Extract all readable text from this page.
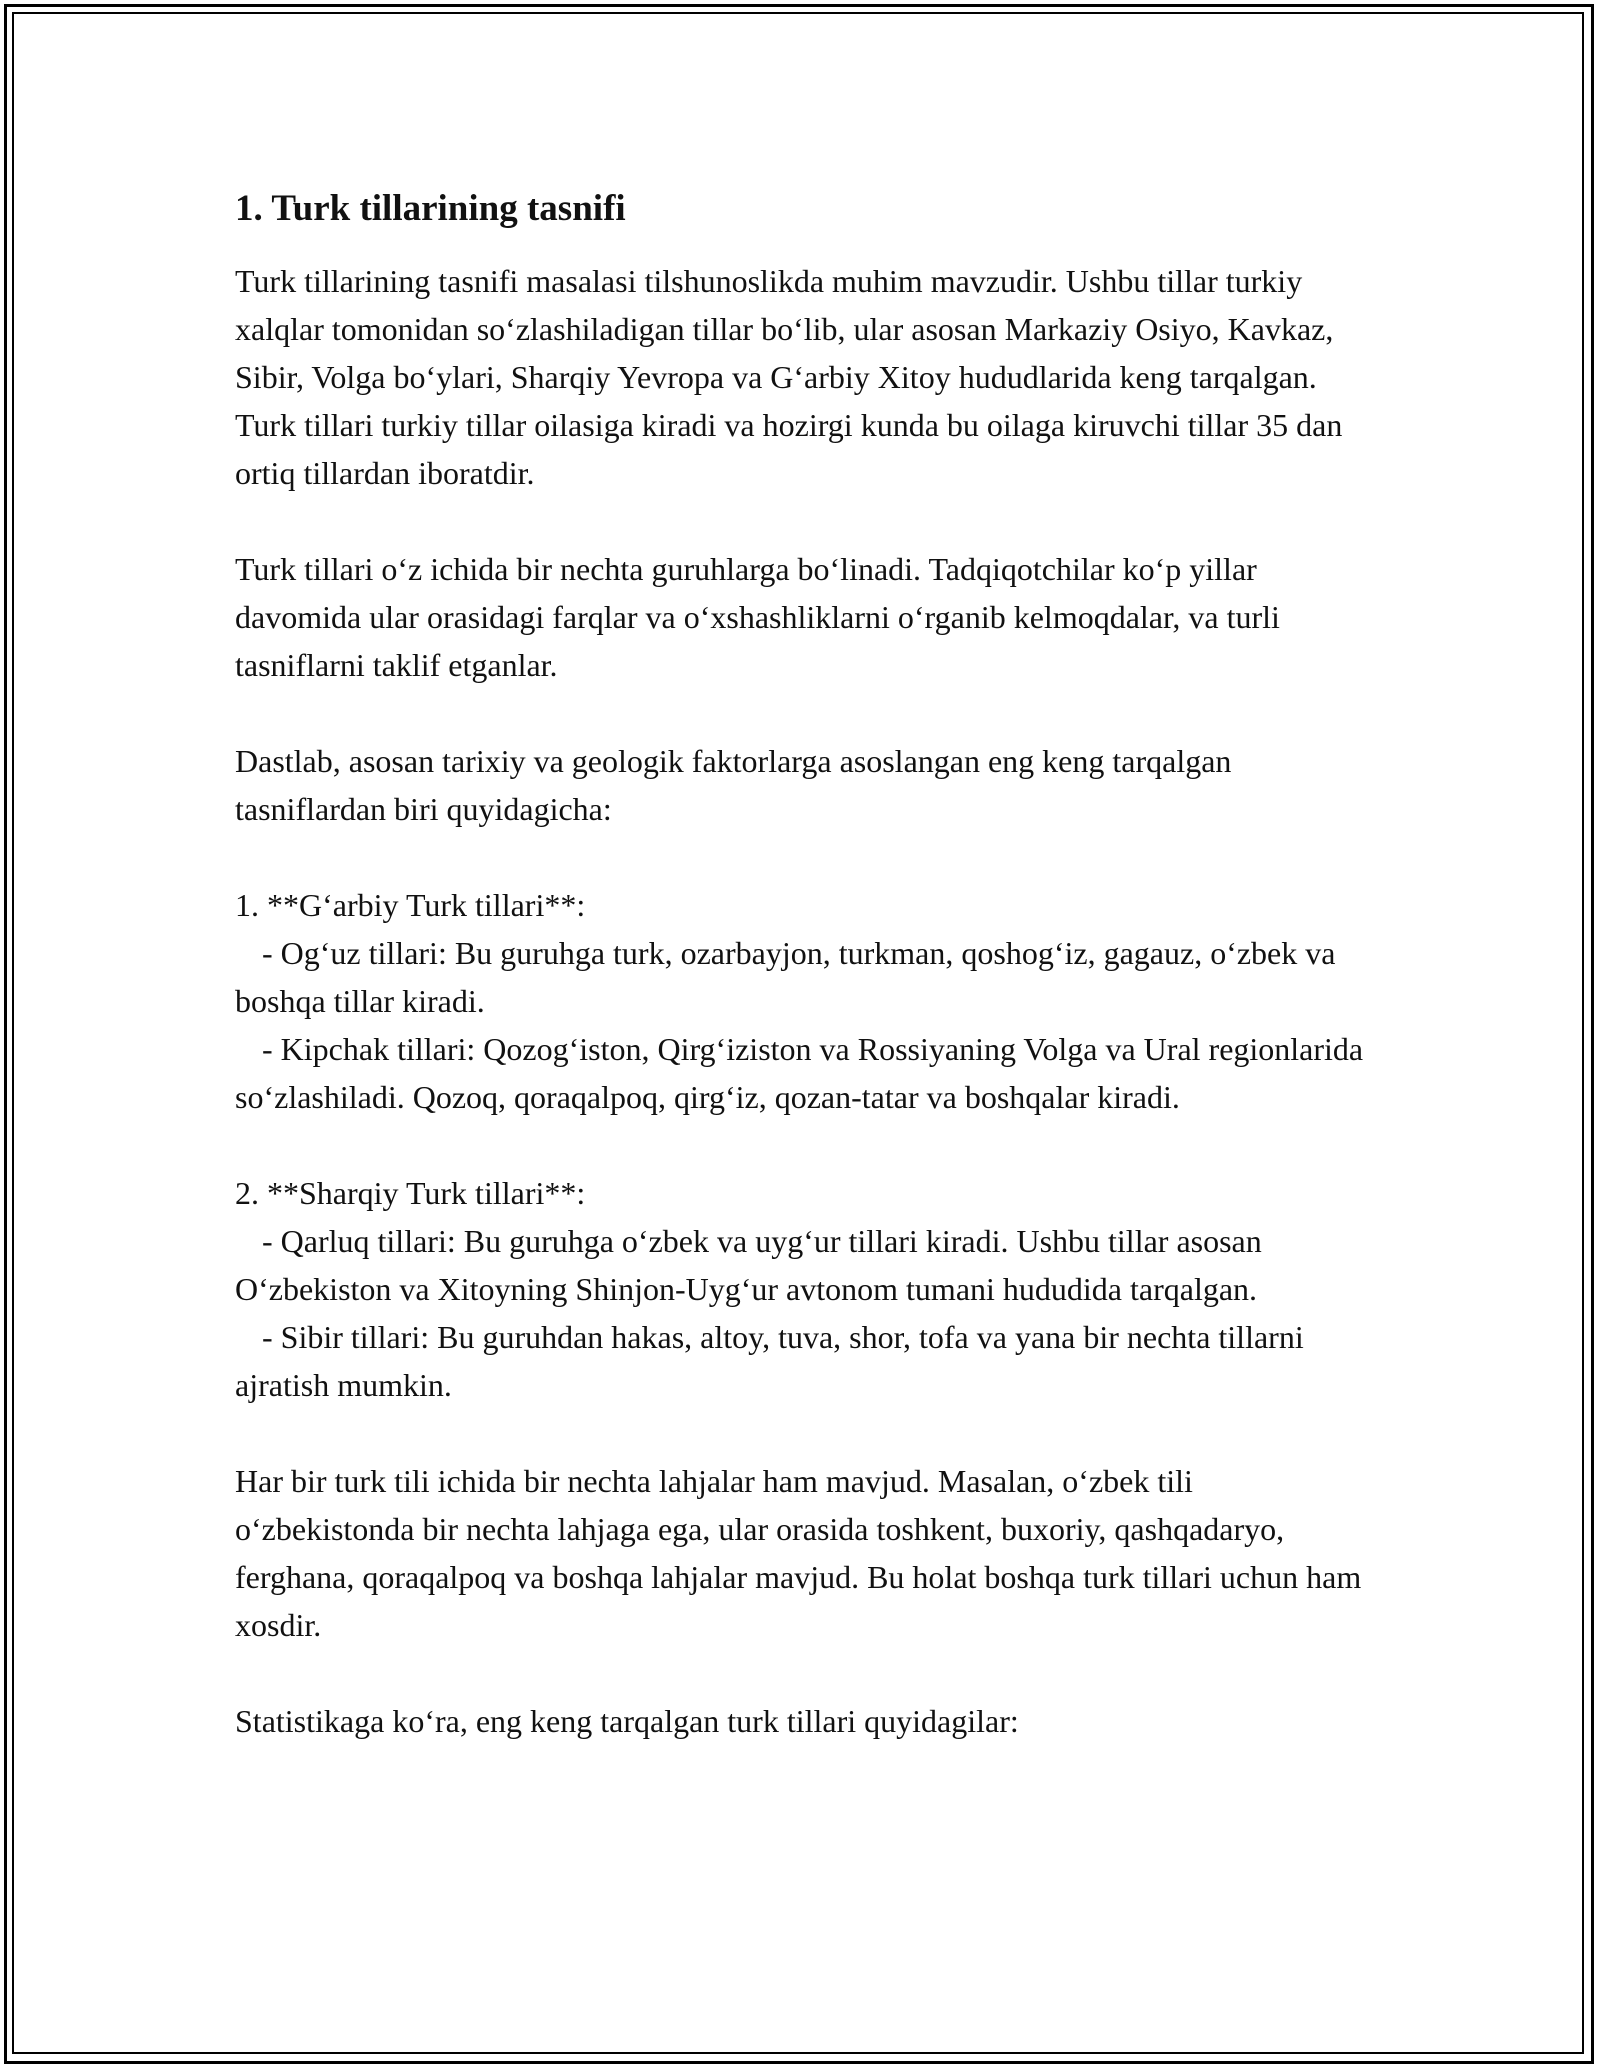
1. Turk tillarining tasnifi

Turk tillarining tasnifi masalasi tilshunoslikda muhim mavzudir. Ushbu tillar turkiy xalqlar tomonidan so‘zlashiladigan tillar bo‘lib, ular asosan Markaziy Osiyo, Kavkaz, Sibir, Volga bo‘ylari, Sharqiy Yevropa va G‘arbiy Xitoy hududlarida keng tarqalgan. Turk tillari turkiy tillar oilasiga kiradi va hozirgi kunda bu oilaga kiruvchi tillar 35 dan ortiq tillardan iboratdir.

Turk tillari o‘z ichida bir nechta guruhlarga bo‘linadi. Tadqiqotchilar ko‘p yillar davomida ular orasidagi farqlar va o‘xshashliklarni o‘rganib kelmoqdalar, va turli tasniflarni taklif etganlar.

Dastlab, asosan tarixiy va geologik faktorlarga asoslangan eng keng tarqalgan tasniflardan biri quyidagicha:

1. **G‘arbiy Turk tillari**:

- Og‘uz tillari: Bu guruhga turk, ozarbayjon, turkman, qoshog‘iz, gagauz, o‘zbek va boshqa tillar kiradi.

- Kipchak tillari: Qozog‘iston, Qirg‘iziston va Rossiyaning Volga va Ural regionlarida so‘zlashiladi. Qozoq, qoraqalpoq, qirg‘iz, qozan-tatar va boshqalar kiradi.

2. **Sharqiy Turk tillari**:

- Qarluq tillari: Bu guruhga o‘zbek va uyg‘ur tillari kiradi. Ushbu tillar asosan O‘zbekiston va Xitoyning Shinjon-Uyg‘ur avtonom tumani hududida tarqalgan.

- Sibir tillari: Bu guruhdan hakas, altoy, tuva, shor, tofa va yana bir nechta tillarni ajratish mumkin.

Har bir turk tili ichida bir nechta lahjalar ham mavjud. Masalan, o‘zbek tili o‘zbekistonda bir nechta lahjaga ega, ular orasida toshkent, buxoriy, qashqadaryo, ferghana, qoraqalpoq va boshqa lahjalar mavjud. Bu holat boshqa turk tillari uchun ham xosdir.

Statistikaga ko‘ra, eng keng tarqalgan turk tillari quyidagilar:
